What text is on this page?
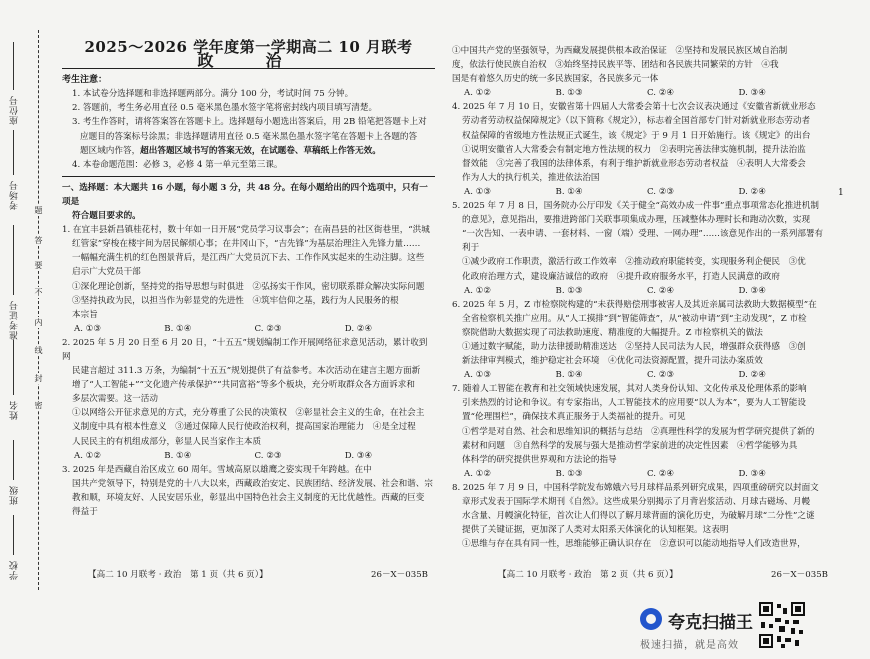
座位号
考场号
准考证号
姓名
班级
学校
题
答
要
不
内
线
封
密

2025～2026 学年度第一学期高二 10 月联考

政　治

考生注意：

1. 本试卷分选择题和非选择题两部分。满分 100 分，考试时间 75 分钟。

2. 答题前，考生务必用直径 0.5 毫米黑色墨水签字笔将密封线内项目填写清楚。

3. 考生作答时，请将答案答在答题卡上。选择题每小题选出答案后，用 2B 铅笔把答题卡上对

应题目的答案标号涂黑；非选择题请用直径 0.5 毫米黑色墨水签字笔在答题卡上各题的答

题区域内作答，超出答题区域书写的答案无效，在试题卷、草稿纸上作答无效。

4. 本卷命题范围：必修 3，必修 4 第一单元至第三课。

一、选择题：本大题共 16 小题，每小题 3 分，共 48 分。在每小题给出的四个选项中，只有一项是

符合题目要求的。

1. 在宜丰县新昌镇桂花村，数十年如一日开展“党员学习议事会”；在南昌县的社区街巷里，“洪城

红管家”穿梭在楼宇间为居民解烦心事；在井冈山下，“吉先锋”为基层治理注入先锋力量……

一幅幅充满生机的红色图景背后，是江西广大党员沉下去、工作作风实起来的生动注脚。这些

启示广大党员干部

①深化理论创新，坚持党的指导思想与时俱进　②弘扬实干作风，密切联系群众解决实际问题

③坚持执政为民，以担当作为彰显党的先进性　④筑牢信仰之基，践行为人民服务的根

本宗旨

A. ①③	B. ①④	C. ②③	D. ②④

2. 2025 年 5 月 20 日至 6 月 20 日，“十五五”规划编制工作开展网络征求意见活动，累计收到网

民建言超过 311.3 万条，为编制“十五五”规划提供了有益参考。本次活动在建言主题方面新

增了“人工智能+”“文化遗产传承保护”“共同富裕”等多个板块，充分听取群众各方面诉求和

多层次需要。这一活动

①以网络公开征求意见的方式，充分尊重了公民的决策权　②彰显社会主义的生命，在社会主

义制度中具有根本性意义　③通过保障人民行使政治权利，提高国家治理能力　④是全过程

人民民主的有机组成部分，彰显人民当家作主本质

A. ①②	B. ①④	C. ②③	D. ③④

3. 2025 年是西藏自治区成立 60 周年。雪域高原以雄鹰之姿实现千年跨越。在中

国共产党领导下，特别是党的十八大以来，西藏政治安定、民族团结、经济发展、社会和谐、宗

教和顺，环境友好、人民安居乐业，彰显出中国特色社会主义制度的无比优越性。西藏的巨变

得益于

①中国共产党的坚强领导，为西藏发展提供根本政治保证　②坚持和发展民族区域自治制

度，依法行使民族自治权　③始终坚持民族平等、团结和各民族共同繁荣的方针　④我

国是有着悠久历史的统一多民族国家，各民族多元一体

A. ①②	B. ①③	C. ②④	D. ③④

4. 2025 年 7 月 10 日，安徽省第十四届人大常委会第十七次会议表决通过《安徽省新就业形态

劳动者劳动权益保障规定》（以下简称《规定》），标志着全国首部专门针对新就业形态劳动者

权益保障的省级地方性法规正式诞生，该《规定》于 9 月 1 日开始施行。该《规定》的出台

①说明安徽省人大常委会有制定地方性法规的权力　②表明完善法律实施机制，提升法治监

督效能　③完善了我国的法律体系，有利于维护新就业形态劳动者权益　④表明人大常委会

作为人大的执行机关，推进依法治国

A. ①③	B. ①④	C. ②③	D. ②④

5. 2025 年 7 月 8 日，国务院办公厅印发《关于健全“高效办成一件事”重点事项常态化推进机制

的意见》，意见指出，要推进跨部门关联事项集成办理，压减整体办理时长和跑动次数，实现

“一次告知、一表申请、一套材料、一窗（端）受理、一网办理”……该意见作出的一系列部署有

利于

①减少政府工作职责，激活行政工作效率　②推动政府职能转变，实现服务利企便民　③优

化政府治理方式，建设廉洁诚信的政府　④提升政府服务水平，打造人民满意的政府

A. ①②	B. ①③	C. ②④	D. ③④

6. 2025 年 5 月，Z 市检察院构建的“未获得赔偿刑事被害人及其近亲属司法救助大数据模型”在

全省检察机关推广应用。从“人工摸排”到“智能筛查”，从“被动申请”到“主动发现”，Z 市检

察院借助大数据实现了司法救助速度、精准度的大幅提升。Z 市检察机关的做法

①通过数字赋能，助力法律援助精准送达　②坚持人民司法为人民，增强群众获得感　③创

新法律审判模式，维护稳定社会环境　④优化司法资源配置，提升司法办案质效

A. ①③	B. ①④	C. ②③	D. ②④

7. 随着人工智能在教育和社交领域快速发展，其对人类身份认知、文化传承及伦理体系的影响

引来热烈的讨论和争议。有专家指出，人工智能技术的应用要“以人为本”，要为人工智能设

置“伦理围栏”，确保技术真正服务于人类福祉的提升。可见

①哲学是对自然、社会和思维知识的概括与总结　②真理性科学的发展为哲学研究提供了新的

素材和问题　③自然科学的发展与强大是推动哲学家前进的决定性因素　④哲学能够为具

体科学的研究提供世界观和方法论的指导

A. ①②	B. ①③	C. ②④	D. ③④

8. 2025 年 7 月 9 日，中国科学院发布嫦娥六号月球样品系列研究成果，四项重磅研究以封面文

章形式发表于国际学术期刊《自然》。这些成果分别揭示了月背岩浆活动、月球古磁场、月幔

水含量、月幔演化特征，首次让人们得以了解月球背面的演化历史，为破解月球“二分性”之谜

提供了关键证据，更加深了人类对太阳系天体演化的认知框架。这表明

①思维与存在具有同一性，思维能够正确认识存在　②意识可以能动地指导人们改造世界，

【高二 10 月联考 · 政治　第 1 页（共 6 页）】	26－X－035B	【高二 10 月联考 · 政治　第 2 页（共 6 页）】	26－X－035B
1
夸克扫描王
极速扫描，就是高效
